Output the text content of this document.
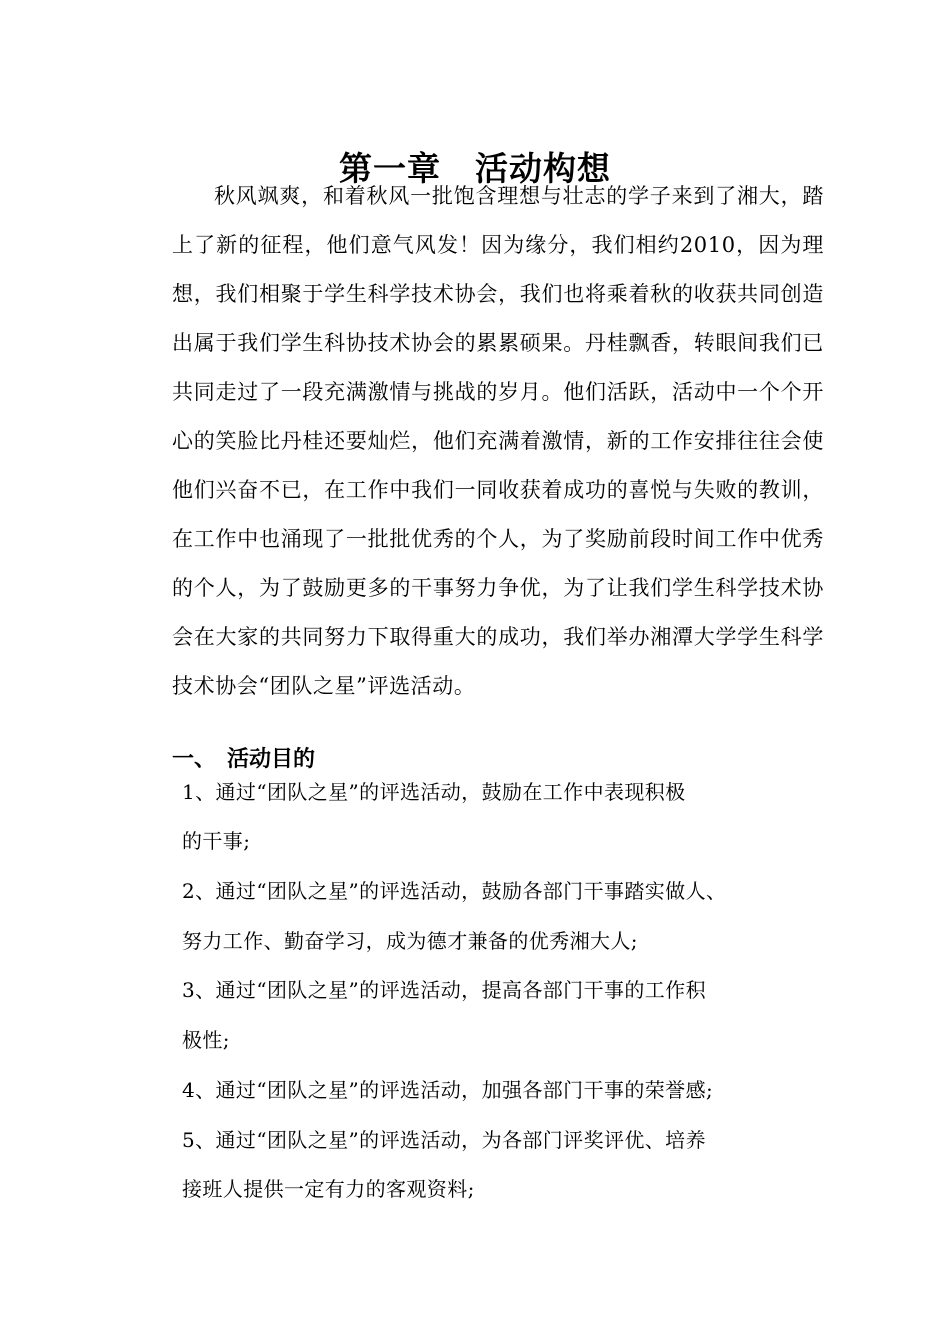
第一章　活动构想

秋风飒爽，和着秋风一批饱含理想与壮志的学子来到了湘大，踏上了新的征程，他们意气风发！因为缘分，我们相约2010，因为理想，我们相聚于学生科学技术协会，我们也将乘着秋的收获共同创造出属于我们学生科协技术协会的累累硕果。丹桂飘香，转眼间我们已共同走过了一段充满激情与挑战的岁月。他们活跃，活动中一个个开心的笑脸比丹桂还要灿烂，他们充满着激情，新的工作安排往往会使他们兴奋不已，在工作中我们一同收获着成功的喜悦与失败的教训，在工作中也涌现了一批批优秀的个人，为了奖励前段时间工作中优秀的个人，为了鼓励更多的干事努力争优，为了让我们学生科学技术协会在大家的共同努力下取得重大的成功，我们举办湘潭大学学生科学技术协会“团队之星”评选活动。

一、　活动目的
1、通过“团队之星”的评选活动，鼓励在工作中表现积极
的干事;
2、通过“团队之星”的评选活动，鼓励各部门干事踏实做人、
努力工作、勤奋学习，成为德才兼备的优秀湘大人;
3、通过“团队之星”的评选活动，提高各部门干事的工作积
极性;
4、通过“团队之星”的评选活动，加强各部门干事的荣誉感;
5、通过“团队之星”的评选活动，为各部门评奖评优、培养
接班人提供一定有力的客观资料;
